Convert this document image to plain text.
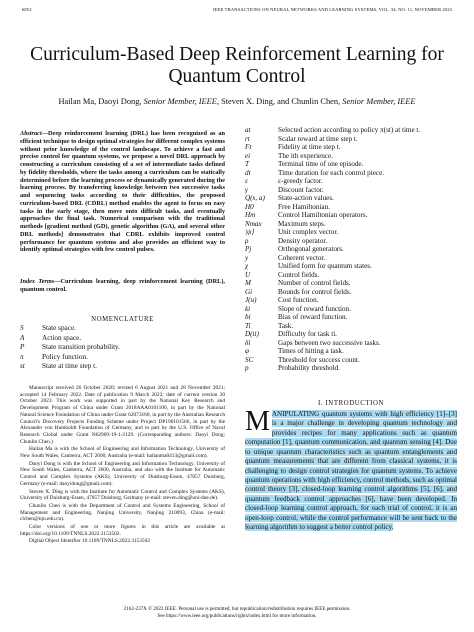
6852	IEEE TRANSACTIONS ON NEURAL NETWORKS AND LEARNING SYSTEMS, VOL. 34, NO. 11, NOVEMBER 2023
Curriculum-Based Deep Reinforcement Learning for Quantum Control
Hailan Ma, Daoyi Dong, Senior Member, IEEE, Steven X. Ding, and Chunlin Chen, Senior Member, IEEE
Abstract—Deep reinforcement learning (DRL) has been recognized as an efficient technique to design optimal strategies for different complex systems without prior knowledge of the control landscape. To achieve a fast and precise control for quantum systems, we propose a novel DRL approach by constructing a curriculum consisting of a set of intermediate tasks defined by fidelity thresholds, where the tasks among a curriculum can be statically determined before the learning process or dynamically generated during the learning process. By transferring knowledge between two successive tasks and sequencing tasks according to their difficulties, the proposed curriculum-based DRL (CDRL) method enables the agent to focus on easy tasks in the early stage, then move onto difficult tasks, and eventually approaches the final task. Numerical comparison with the traditional methods [gradient method (GD), genetic algorithm (GA), and several other DRL methods] demonstrates that CDRL exhibits improved control performance for quantum systems and also provides an efficient way to identify optimal strategies with few control pulses.
Index Terms—Curriculum learning, deep reinforcement learning (DRL), quantum control.
NOMENCLATURE
S	State space.
A	Action space.
P	State transition probability.
π	Policy function.
st	State at time step t.

Manuscript received 26 October 2020; revised 6 August 2021 and 28 November 2021; accepted 14 February 2022. Date of publication 9 March 2022; date of current version 30 October 2023. This work was supported in part by the National Key Research and Development Program of China under Grant 2018AAA0101100, in part by the National Natural Science Foundation of China under Grant 62073160, in part by the Australian Research Council's Discovery Projects Funding Scheme under Project DP190101566, in part by the Alexander von Humboldt Foundation of Germany, and in part by the U.S. Office of Naval Research Global under Grant N62909-19-1-2129. (Corresponding authors: Daoyi Dong; Chunlin Chen.)

Hailan Ma is with the School of Engineering and Information Technology, University of New South Wales, Canberra, ACT 2600, Australia (e-mail: hailanma0413@gmail.com).

Daoyi Dong is with the School of Engineering and Information Technology, University of New South Wales, Canberra, ACT 2600, Australia, and also with the Institute for Automatic Control and Complex Systems (AKS), University of Duisburg-Essen, 47057 Duisburg, Germany (e-mail: daoyidong@gmail.com).

Steven X. Ding is with the Institute for Automatic Control and Complex Systems (AKS), University of Duisburg-Essen, 47057 Duisburg, Germany (e-mail: steven.ding@uni-due.de).

Chunlin Chen is with the Department of Control and Systems Engineering, School of Management and Engineering, Nanjing University, Nanjing 210093, China (e-mail: clchen@nju.edu.cn).

Color versions of one or more figures in this article are available at https://doi.org/10.1109/TNNLS.2022.3153502.

Digital Object Identifier 10.1109/TNNLS.2022.3153502

at	Selected action according to policy π(st) at time t.
rt	Scalar reward at time step t.
Ft	Fidelity at time step t.
ei	The ith experience.
T	Terminal time of one episode.
dt	Time duration for each control piece.
ε	ε-greedy factor.
γ	Discount factor.
Q(s, a)	State-action values.
H0	Free Hamiltonian.
Hm	Control Hamiltonian operators.
Nmax	Maximum steps.
|ψ⟩	Unit complex vector.
ρ	Density operator.
Pj	Orthogonal generators.
y	Coherent vector.
χ	Unified form for quantum states.
U	Control fields.
M	Number of control fields.
Gi	Bounds for control fields.
J(u)	Cost function.
ki	Slope of reward function.
bi	Bias of reward function.
Ti	Task.
D(ti)	Difficulty for task ti.
δi	Gaps between two successive tasks.
φ	Times of hitting a task.
SC	Threshold for success count.
p	Probability threshold.
I. INTRODUCTION
MANIPULATING quantum systems with high efficiency [1]–[3] is a major challenge in developing quantum technology and provides recipes for many applications such as quantum computation [1], quantum communication, and quantum sensing [4]. Due to unique quantum characteristics such as quantum entanglements and quantum measurements that are different from classical systems, it is challenging to design control strategies for quantum systems. To achieve quantum operations with high efficiency, control methods, such as optimal control theory [3], closed-loop learning control algorithms [5], [6], and quantum feedback control approaches [6], have been developed. In closed-loop learning control approach, for each trial of control, it is an open-loop control, while the control performance will be sent back to the learning algorithm to suggest a better control policy.
2162-237X © 2022 IEEE. Personal use is permitted, but republication/redistribution requires IEEE permission.
See https://www.ieee.org/publications/rights/index.html for more information.
